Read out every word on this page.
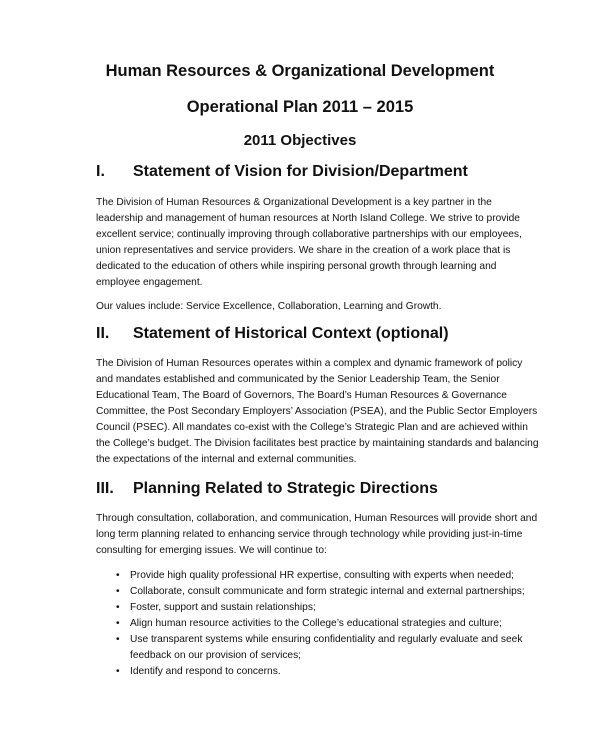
Human Resources & Organizational Development
Operational Plan 2011 – 2015
2011 Objectives
I. Statement of Vision for Division/Department

The Division of Human Resources & Organizational Development is a key partner in the leadership and management of human resources at North Island College. We strive to provide excellent service; continually improving through collaborative partnerships with our employees, union representatives and service providers. We share in the creation of a work place that is dedicated to the education of others while inspiring personal growth through learning and employee engagement.

Our values include: Service Excellence, Collaboration, Learning and Growth.

II. Statement of Historical Context (optional)

The Division of Human Resources operates within a complex and dynamic framework of policy and mandates established and communicated by the Senior Leadership Team, the Senior Educational Team, The Board of Governors, The Board’s Human Resources & Governance Committee, the Post Secondary Employers’ Association (PSEA), and the Public Sector Employers Council (PSEC). All mandates co-exist with the College’s Strategic Plan and are achieved within the College’s budget. The Division facilitates best practice by maintaining standards and balancing the expectations of the internal and external communities.

III. Planning Related to Strategic Directions

Through consultation, collaboration, and communication, Human Resources will provide short and long term planning related to enhancing service through technology while providing just-in-time consulting for emerging issues. We will continue to:

• Provide high quality professional HR expertise, consulting with experts when needed;
• Collaborate, consult communicate and form strategic internal and external partnerships;
• Foster, support and sustain relationships;
• Align human resource activities to the College’s educational strategies and culture;
• Use transparent systems while ensuring confidentiality and regularly evaluate and seek feedback on our provision of services;
• Identify and respond to concerns.
